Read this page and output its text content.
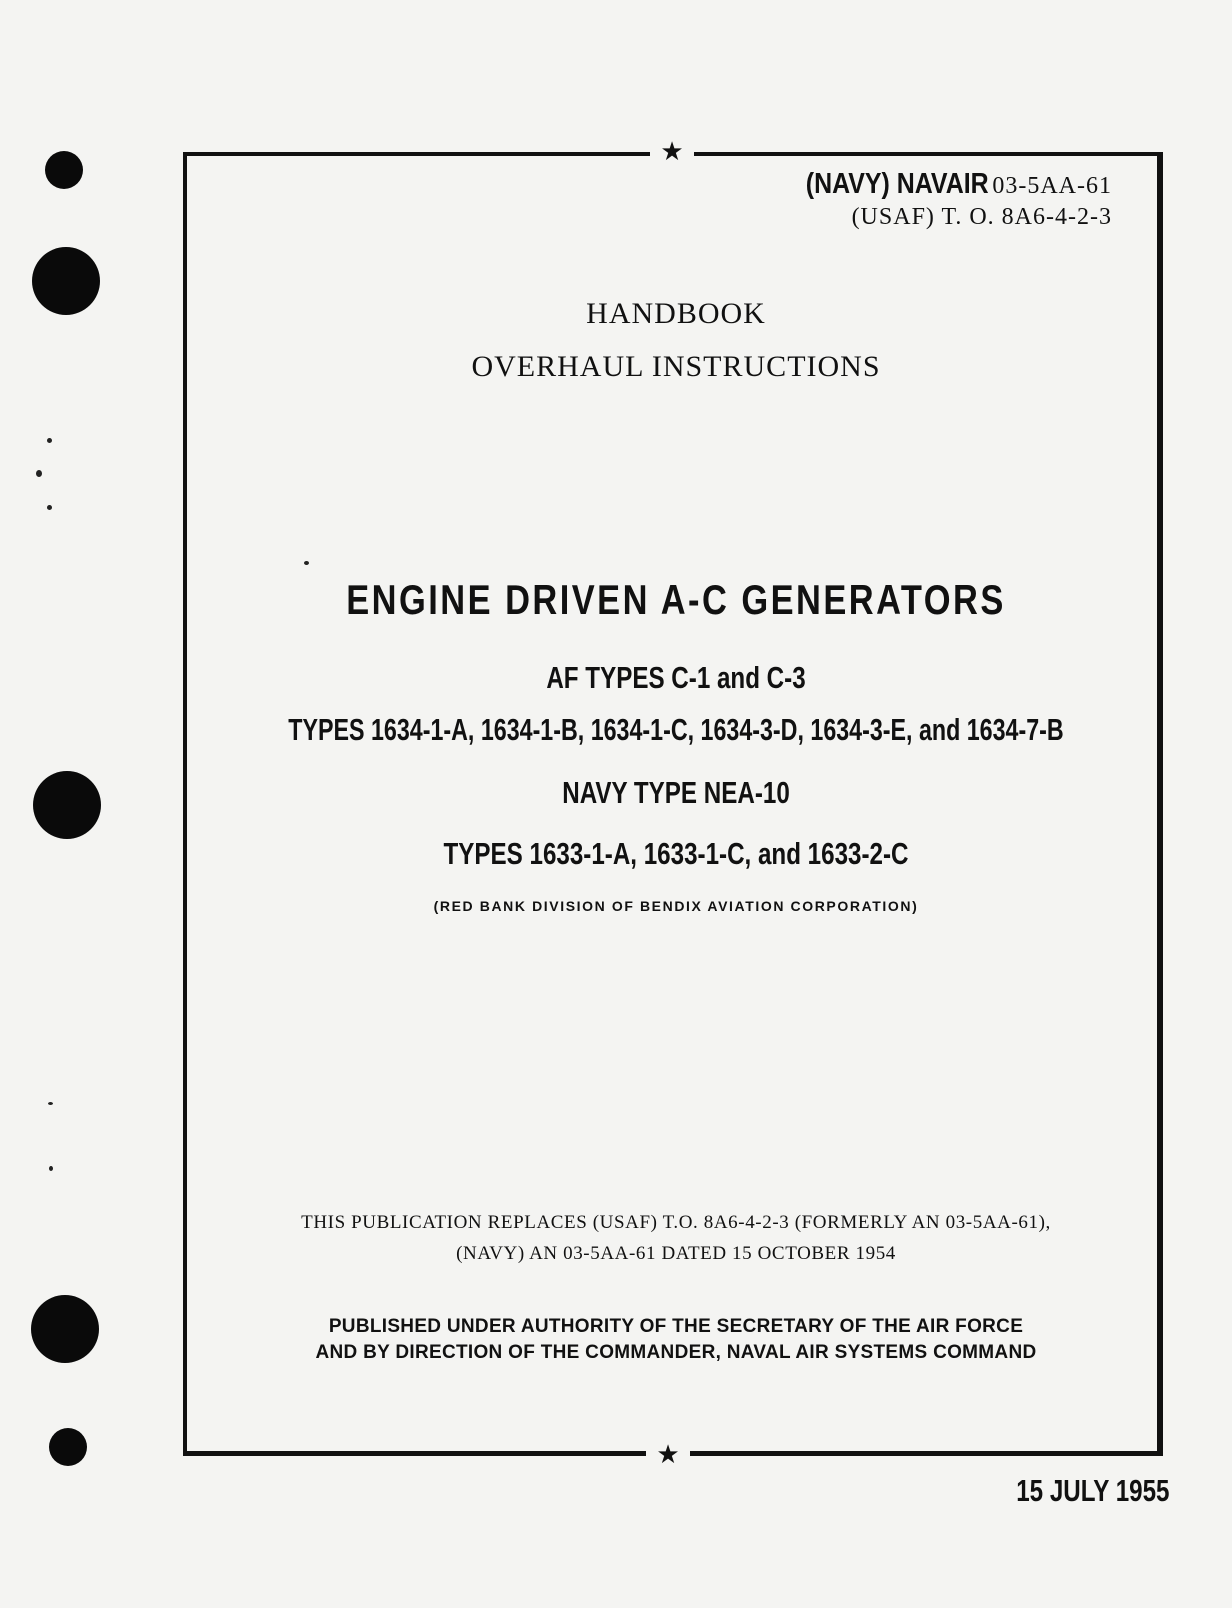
★
★
(NAVY) NAVAIR 03-5AA-61
(USAF) T. O. 8A6-4-2-3
HANDBOOK
OVERHAUL INSTRUCTIONS
ENGINE DRIVEN A-C GENERATORS
AF TYPES C-1 and C-3
TYPES 1634-1-A, 1634-1-B, 1634-1-C, 1634-3-D, 1634-3-E, and 1634-7-B
NAVY TYPE NEA-10
TYPES 1633-1-A, 1633-1-C, and 1633-2-C
(RED BANK DIVISION OF BENDIX AVIATION CORPORATION)
THIS PUBLICATION REPLACES (USAF) T.O. 8A6-4-2-3 (FORMERLY AN 03-5AA-61),
(NAVY) AN 03-5AA-61 DATED 15 OCTOBER 1954
PUBLISHED UNDER AUTHORITY OF THE SECRETARY OF THE AIR FORCE
AND BY DIRECTION OF THE COMMANDER, NAVAL AIR SYSTEMS COMMAND
15 JULY 1955
